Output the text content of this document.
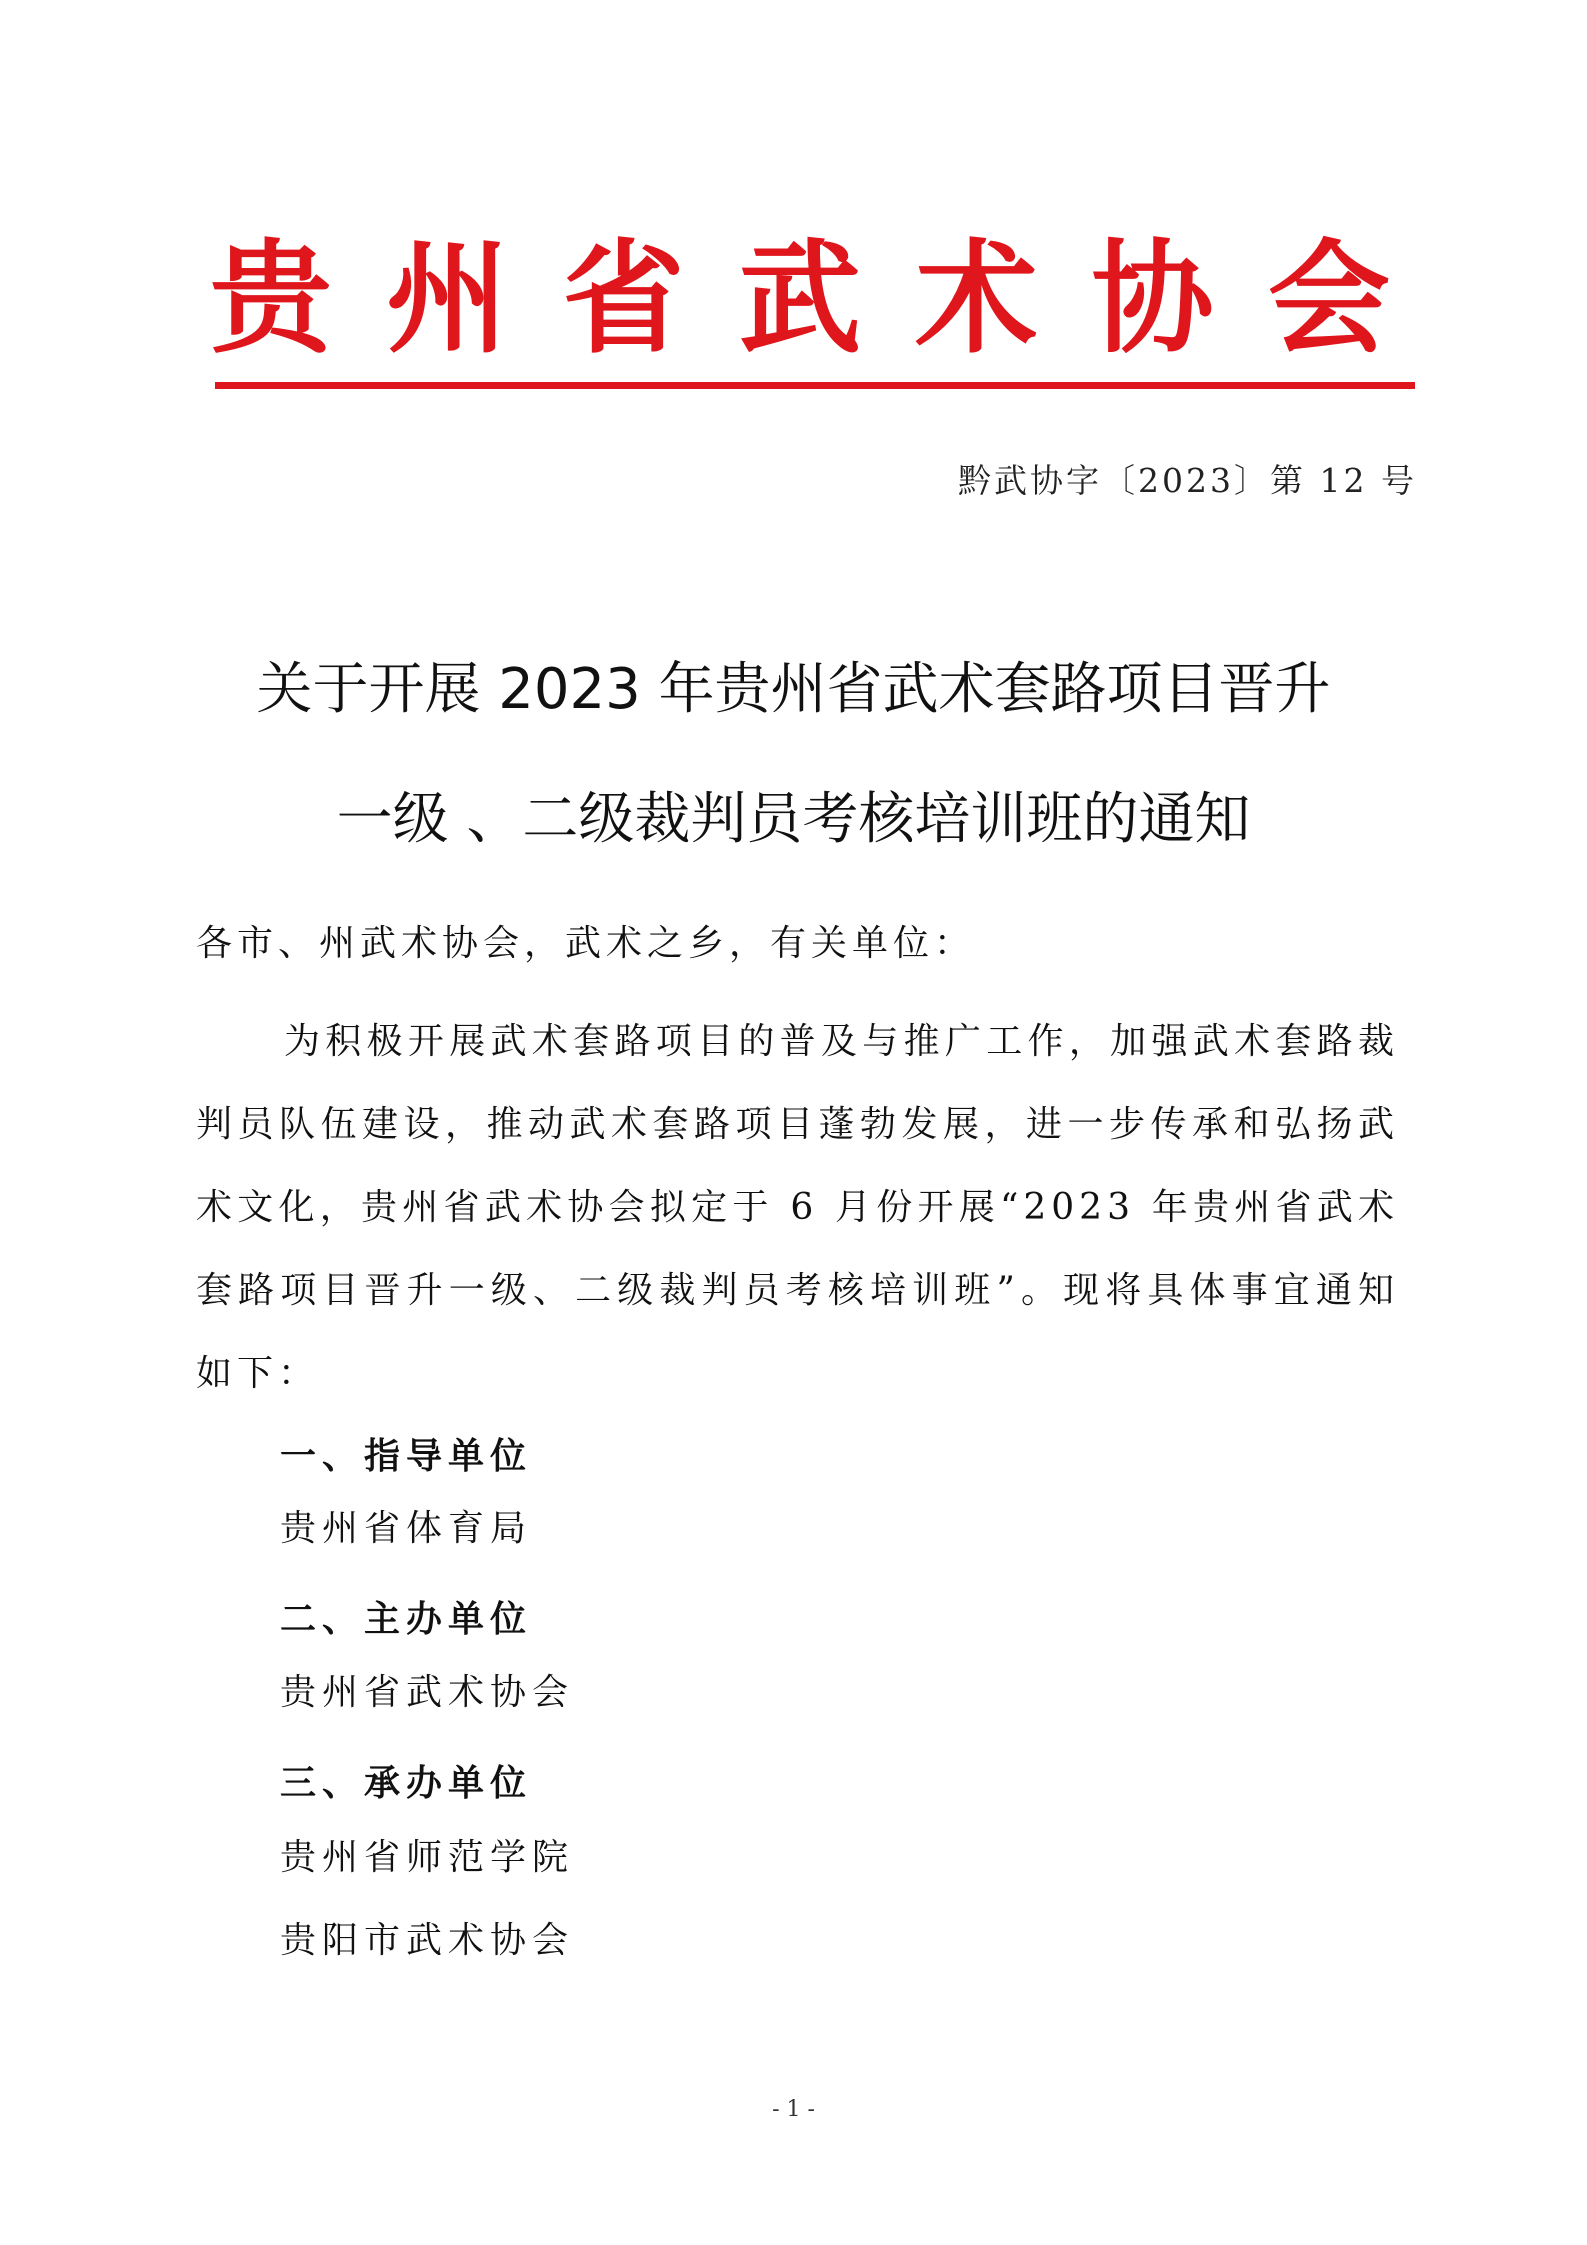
贵 州 省 武 术 协 会
黔武协字〔2023〕第 12 号
关于开展 2023 年贵州省武术套路项目晋升
一级 、二级裁判员考核培训班的通知
各市、州武术协会，武术之乡，有关单位：
为积极开展武术套路项目的普及与推广工作，加强武术套路裁判员队伍建设，推动武术套路项目蓬勃发展，进一步传承和弘扬武术文化，贵州省武术协会拟定于 6 月份开展“2023 年贵州省武术套路项目晋升一级、二级裁判员考核培训班”。现将具体事宜通知如下：
一、指导单位
贵州省体育局
二、主办单位
贵州省武术协会
三、承办单位
贵州省师范学院
贵阳市武术协会
- 1 -
